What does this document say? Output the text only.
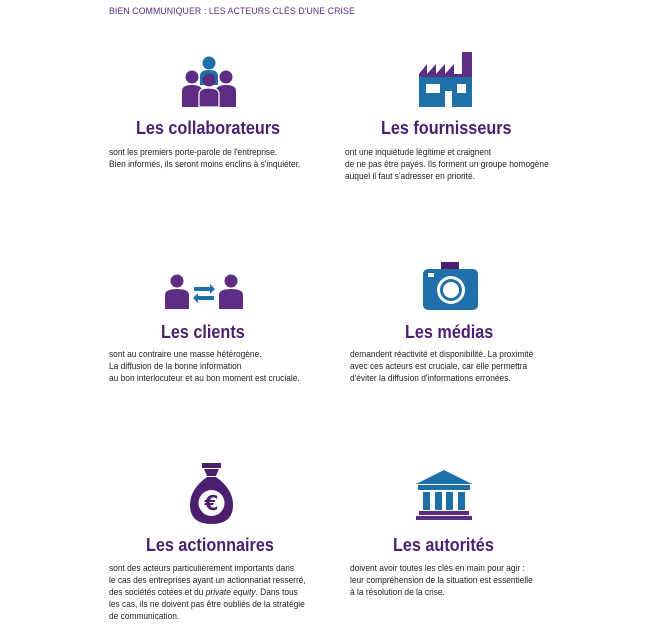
BIEN COMMUNIQUER : LES ACTEURS CLÉS D'UNE CRISE
Les collaborateurs
sont les premiers porte-parole de l'entreprise.
Bien informés, ils seront moins enclins à s'inquiéter.
Les fournisseurs
ont une inquiétude légitime et craignent
de ne pas être payés. Ils forment un groupe homogène
auquel il faut s'adresser en priorité.
Les clients
sont au contraire une masse hétérogène.
La diffusion de la bonne information
au bon interlocuteur et au bon moment est cruciale.
Les médias
demandent réactivité et disponibilité. La proximité
avec ces acteurs est cruciale, car elle permettra
d'éviter la diffusion d'informations erronées.
€
Les actionnaires
sont des acteurs particulièrement importants dans
le cas des entreprises ayant un actionnariat resserré,
des sociétés cotées et du private equity. Dans tous
les cas, ils ne doivent pas être oubliés de la stratégie
de communication.
Les autorités
doivent avoir toutes les clés en main pour agir :
leur compréhension de la situation est essentielle
à la résolution de la crise.
